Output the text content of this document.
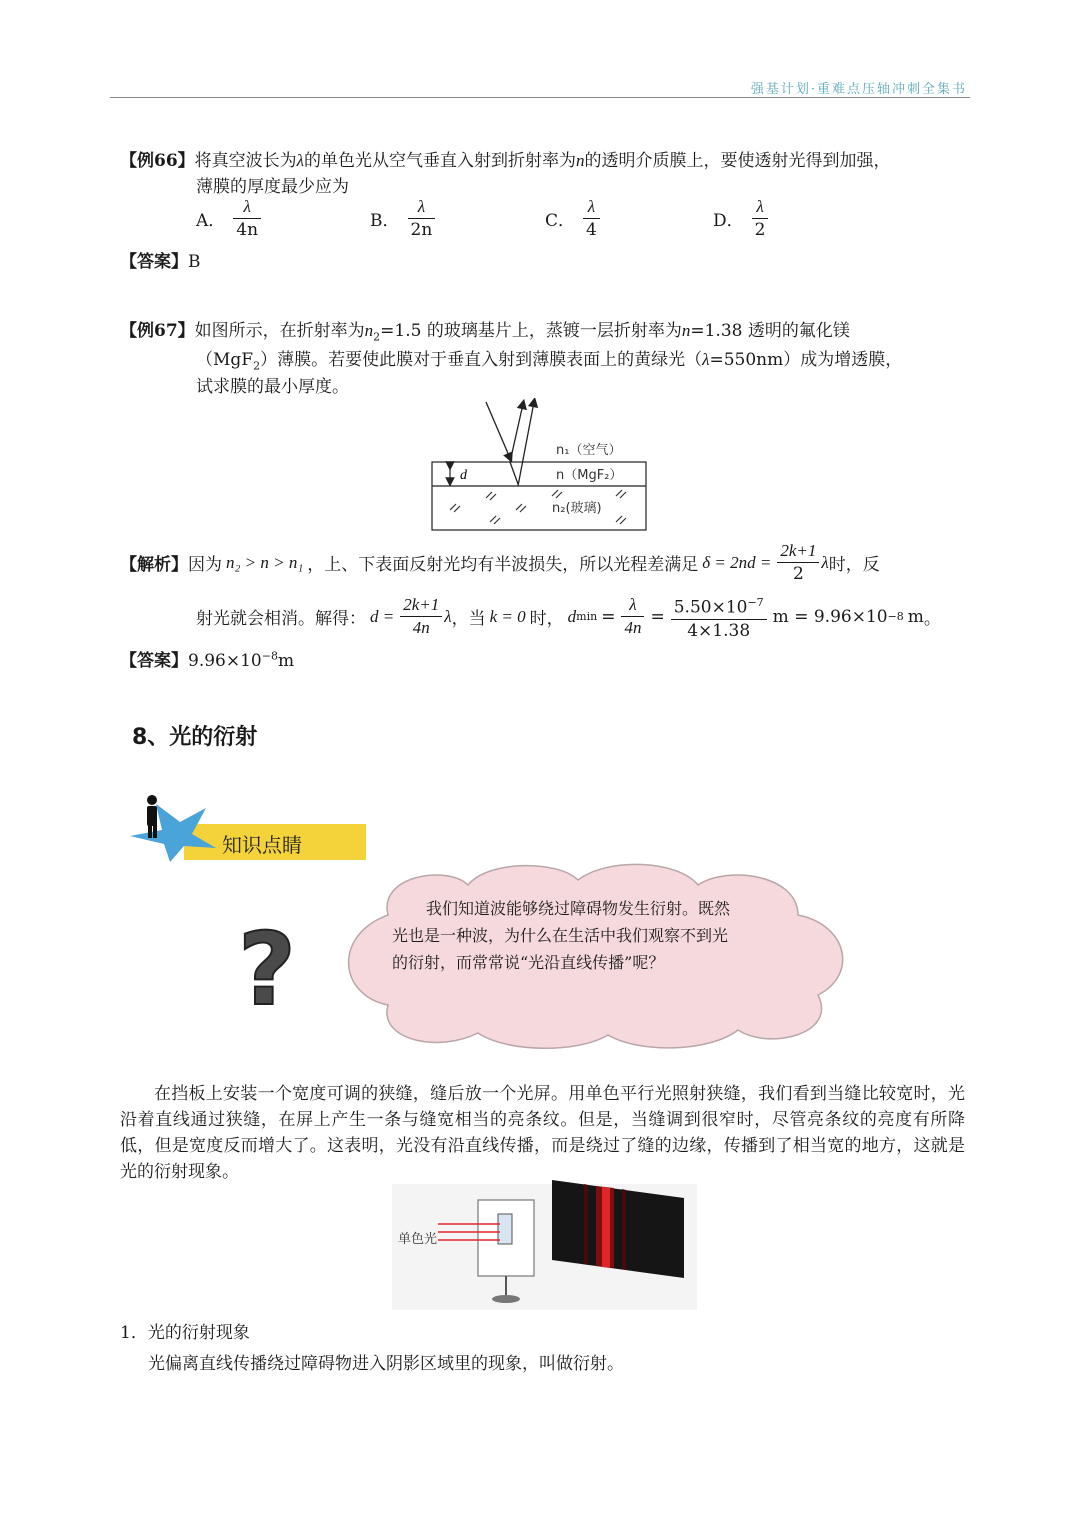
强基计划·重难点压轴冲刺全集书
【例66】将真空波长为λ的单色光从空气垂直入射到折射率为n的透明介质膜上，要使透射光得到加强，
薄膜的厚度最少应为
A． $\frac{\lambda}{4n}$	B． $\frac{\lambda}{2n}$	C． $\frac{\lambda}{4}$	D． $\frac{\lambda}{2}$
【答案】B
【例67】如图所示，在折射率为$n_2=1.5$ 的玻璃基片上，蒸镀一层折射率为n=1.38 透明的氟化镁
（MgF$_2$）薄膜。若要使此膜对于垂直入射到薄膜表面上的黄绿光（λ=550nm）成为增透膜，
试求膜的最小厚度。
d
n₁（空气）
n（MgF₂）
n₂(玻璃)
【解析】 因为 n₂ > n > n₁ ，上、下表面反射光均有半波损失，所以光程差满足 $\delta = 2nd = \frac{2k+1}{2}$ λ 时，反
射光就会相消。解得： $d = \frac{2k+1}{4n}$ λ ，当 k = 0 时， d $\min = \frac{\lambda}{4n} = \frac{5.50\times 10^{-7}}{4\times 1.38}$ m = 9.96×10 −8 m 。
【答案】$9.96\times 10^{-8}m$
8、光的衍射
知识点睛
?
我们知道波能够绕过障碍物发生衍射。既然光也是一种波，为什么在生活中我们观察不到光的衍射，而常常说“光沿直线传播”呢？
在挡板上安装一个宽度可调的狭缝，缝后放一个光屏。用单色平行光照射狭缝，我们看到当缝比较宽时，光沿着直线通过狭缝，在屏上产生一条与缝宽相当的亮条纹。但是，当缝调到很窄时，尽管亮条纹的亮度有所降低，但是宽度反而增大了。这表明，光没有沿直线传播，而是绕过了缝的边缘，传播到了相当宽的地方，这就是光的衍射现象。
单色光
1．光的衍射现象
光偏离直线传播绕过障碍物进入阴影区域里的现象，叫做衍射。
